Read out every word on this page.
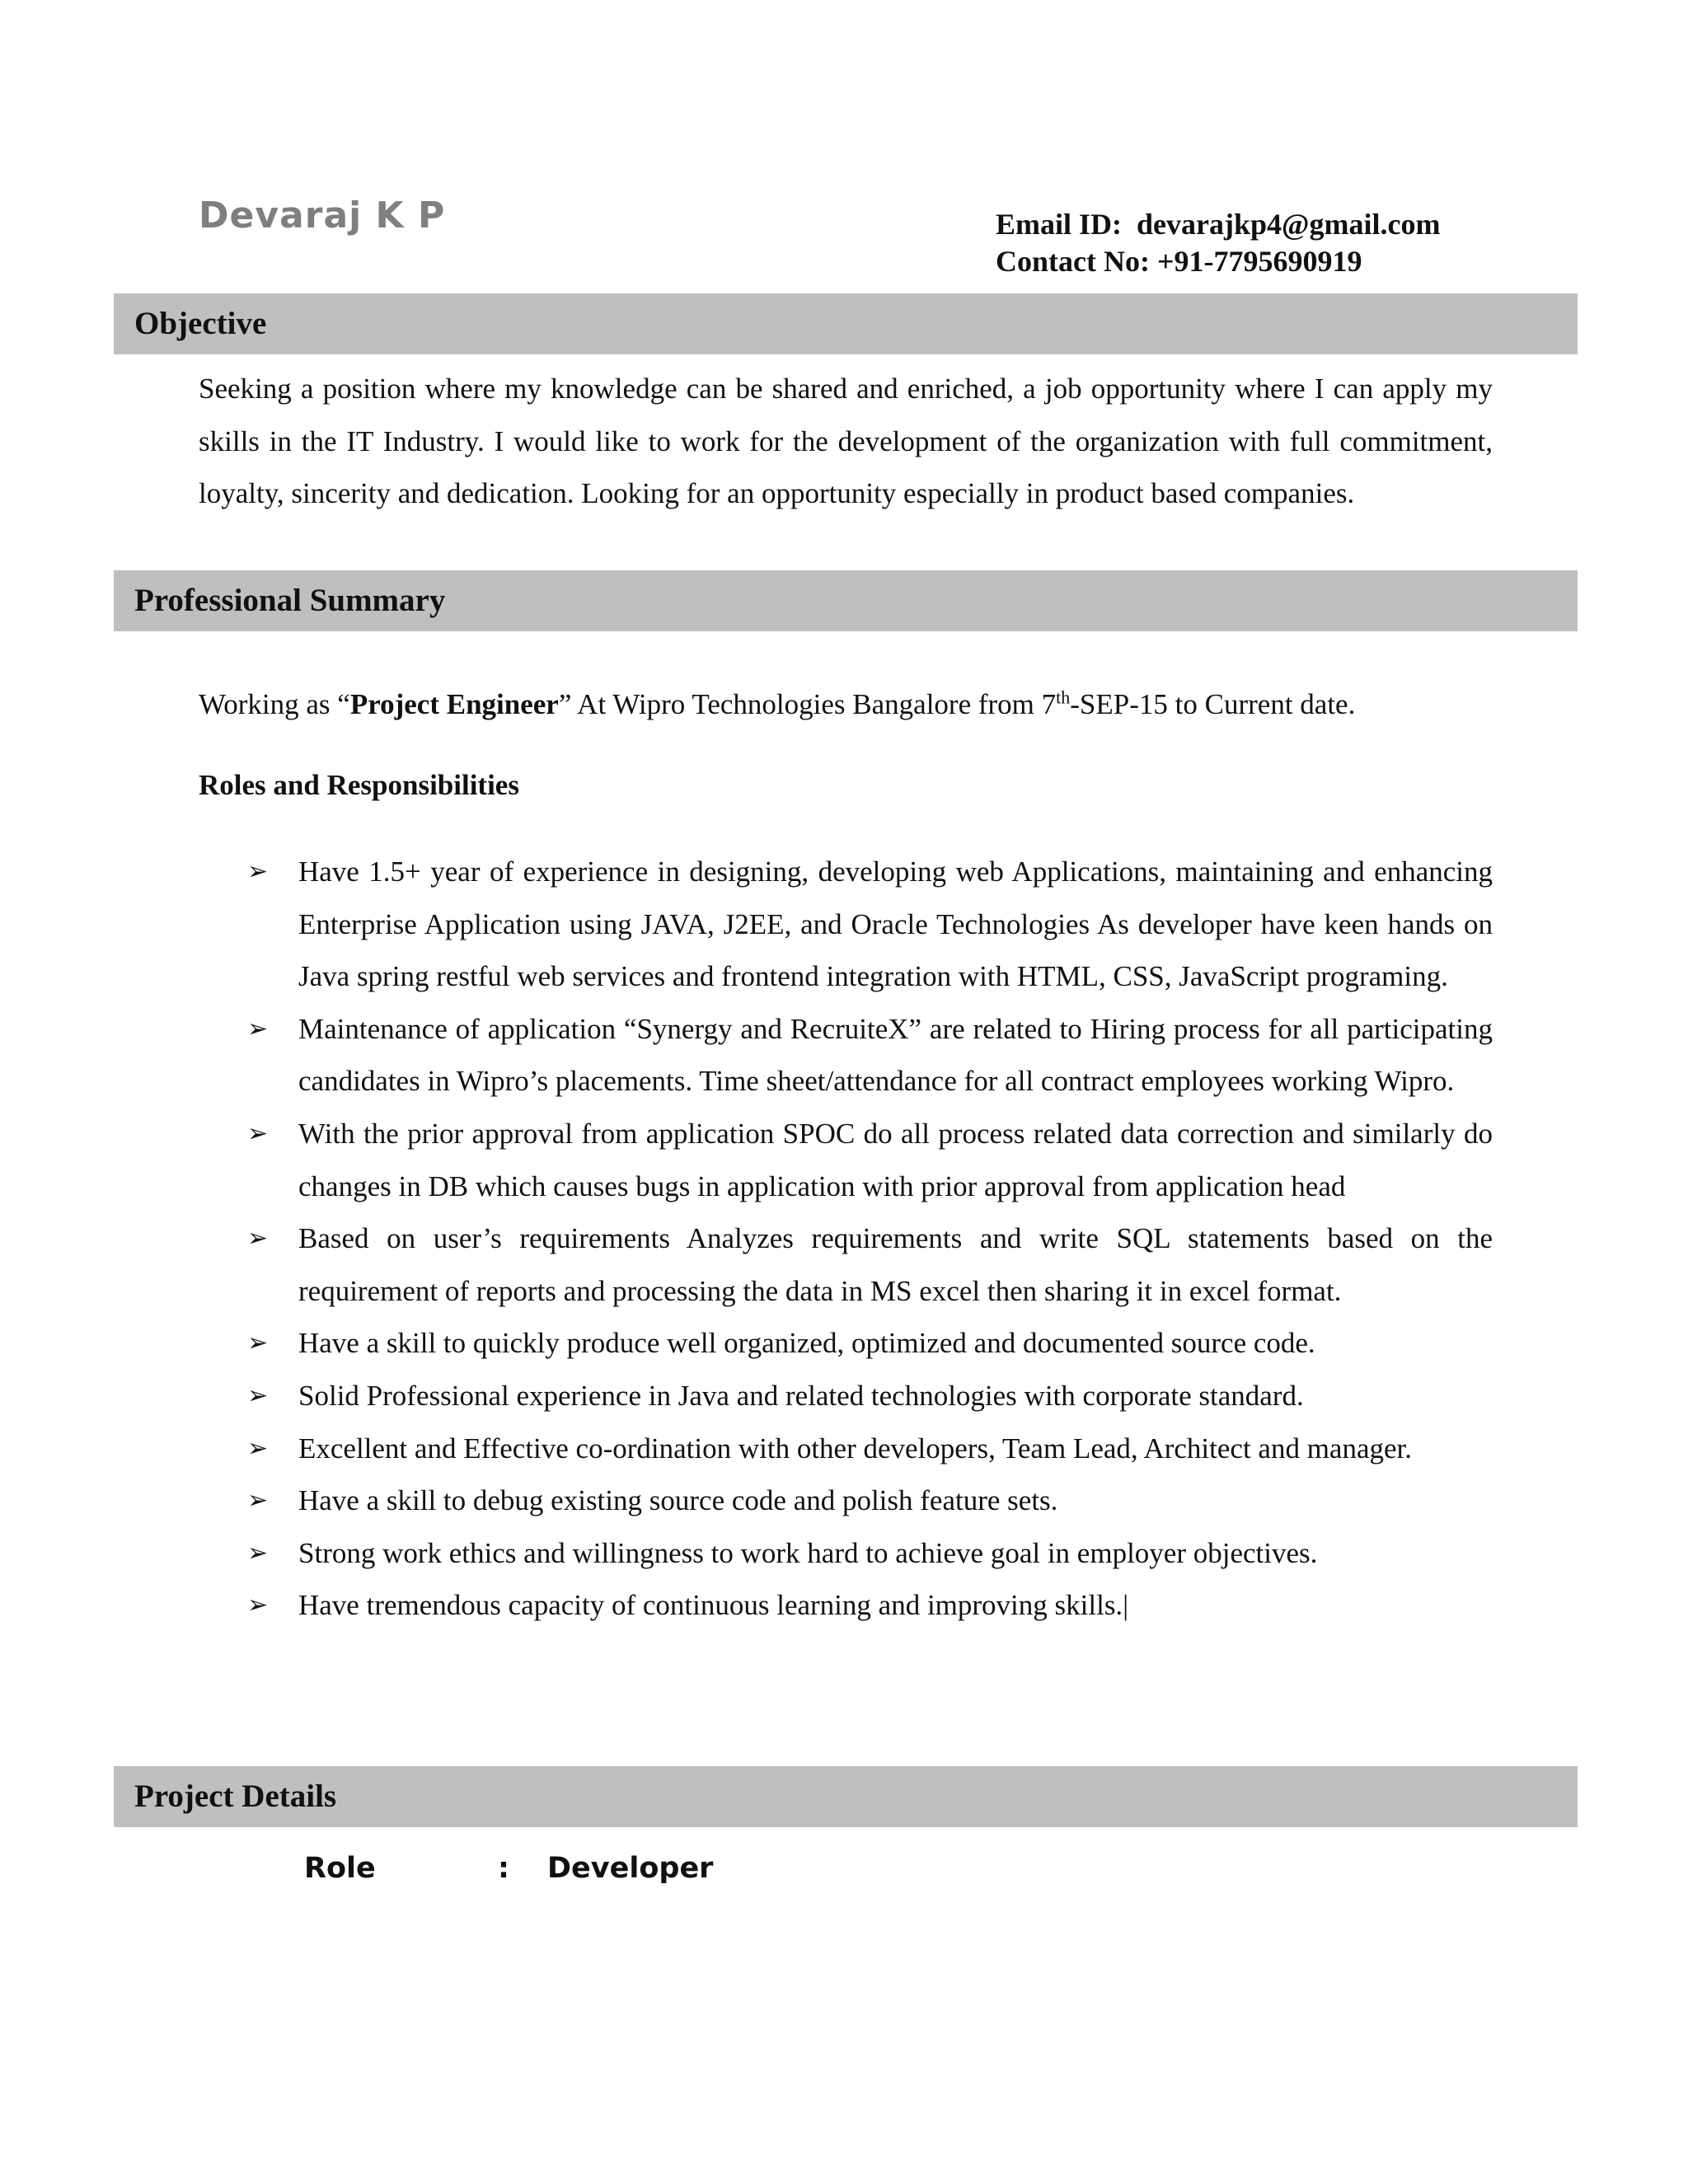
Devaraj K P	Email ID: devarajkp4@gmail.com
Contact No: +91-7795690919
Objective
Seeking a position where my knowledge can be shared and enriched, a job opportunity where I can apply my skills in the IT Industry. I would like to work for the development of the organization with full commitment, loyalty, sincerity and dedication. Looking for an opportunity especially in product based companies.
Professional Summary
Working as “Project Engineer” At Wipro Technologies Bangalore from 7th-SEP-15 to Current date.
Roles and Responsibilities
➢ Have 1.5+ year of experience in designing, developing web Applications, maintaining and enhancing Enterprise Application using JAVA, J2EE, and Oracle Technologies As developer have keen hands on Java spring restful web services and frontend integration with HTML, CSS, JavaScript programing.
➢ Maintenance of application “Synergy and RecruiteX” are related to Hiring process for all participating candidates in Wipro’s placements. Time sheet/attendance for all contract employees working Wipro.
➢ With the prior approval from application SPOC do all process related data correction and similarly do changes in DB which causes bugs in application with prior approval from application head
➢ Based on user’s requirements Analyzes requirements and write SQL statements based on the requirement of reports and processing the data in MS excel then sharing it in excel format.
➢ Have a skill to quickly produce well organized, optimized and documented source code.
➢ Solid Professional experience in Java and related technologies with corporate standard.
➢ Excellent and Effective co-ordination with other developers, Team Lead, Architect and manager.
➢ Have a skill to debug existing source code and polish feature sets.
➢ Strong work ethics and willingness to work hard to achieve goal in employer objectives.
➢ Have tremendous capacity of continuous learning and improving skills.|
Project Details
Role	: Developer
